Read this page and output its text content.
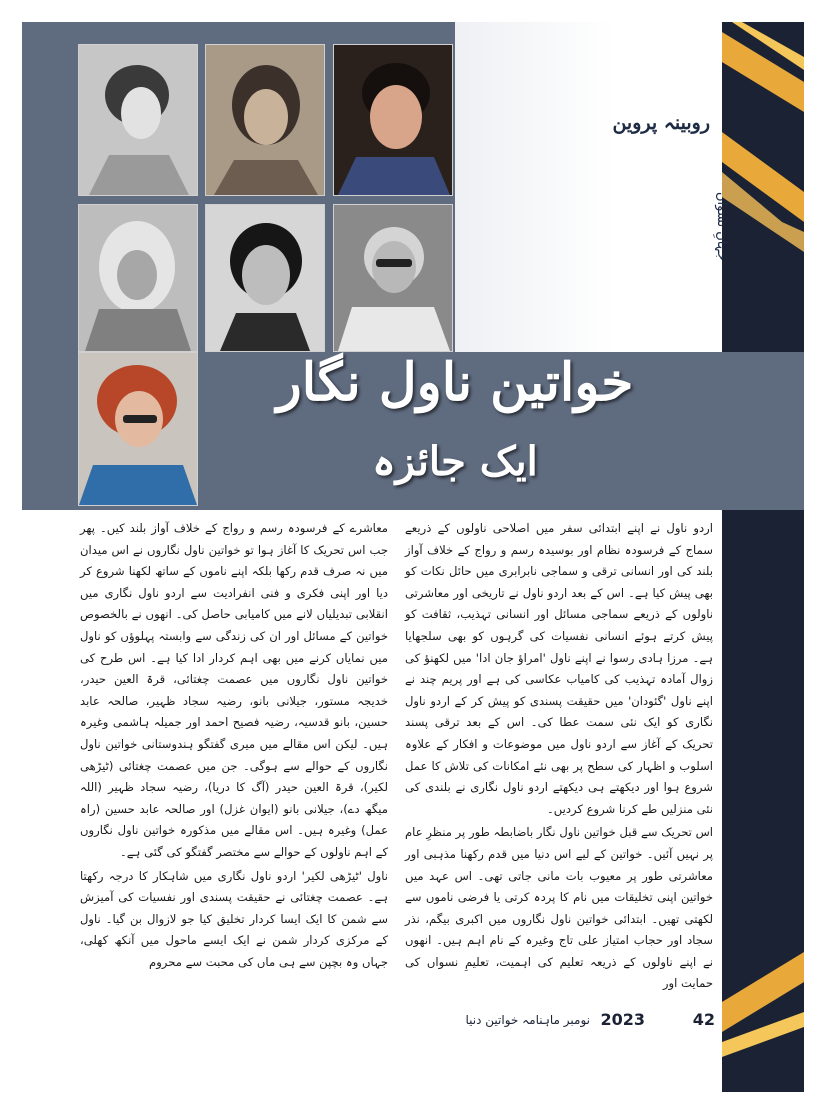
روبینہ پروین
جہانِ نسواں
خواتین ناول نگار
ایک جائزہ

اردو ناول نے اپنے ابتدائی سفر میں اصلاحی ناولوں کے ذریعے سماج کے فرسودہ نظام اور بوسیدہ رسم و رواج کے خلاف آواز بلند کی اور انسانی ترقی و سماجی نابرابری میں حائل نکات کو بھی پیش کیا ہے۔ اس کے بعد اردو ناول نے تاریخی اور معاشرتی ناولوں کے ذریعے سماجی مسائل اور انسانی تہذیب، ثقافت کو پیش کرتے ہوئے انسانی نفسیات کی گرہوں کو بھی سلجھایا ہے۔ مرزا ہادی رسوا نے اپنے ناول 'امراؤ جان ادا' میں لکھنؤ کی زوال آمادہ تہذیب کی کامیاب عکاسی کی ہے اور پریم چند نے اپنے ناول 'گئودان' میں حقیقت پسندی کو پیش کر کے اردو ناول نگاری کو ایک نئی سمت عطا کی۔ اس کے بعد ترقی پسند تحریک کے آغاز سے اردو ناول میں موضوعات و افکار کے علاوہ اسلوب و اظہار کی سطح پر بھی نئے امکانات کی تلاش کا عمل شروع ہوا اور دیکھتے ہی دیکھتے اردو ناول نگاری نے بلندی کی نئی منزلیں طے کرنا شروع کردیں۔

اس تحریک سے قبل خواتین ناول نگار باضابطہ طور پر منظرِ عام پر نہیں آئیں۔ خواتین کے لیے اس دنیا میں قدم رکھنا مذہبی اور معاشرتی طور پر معیوب بات مانی جاتی تھی۔ اس عہد میں خواتین اپنی تخلیقات میں نام کا پردہ کرتی یا فرضی ناموں سے لکھتی تھیں۔ ابتدائی خواتین ناول نگاروں میں اکبری بیگم، نذر سجاد اور حجاب امتیاز علی تاج وغیرہ کے نام اہم ہیں۔ انھوں نے اپنے ناولوں کے ذریعہ تعلیم کی اہمیت، تعلیمِ نسواں کی حمایت اور

معاشرے کے فرسودہ رسم و رواج کے خلاف آواز بلند کیں۔ پھر جب اس تحریک کا آغاز ہوا تو خواتین ناول نگاروں نے اس میدان میں نہ صرف قدم رکھا بلکہ اپنے ناموں کے ساتھ لکھنا شروع کر دیا اور اپنی فکری و فنی انفرادیت سے اردو ناول نگاری میں انقلابی تبدیلیاں لانے میں کامیابی حاصل کی۔ انھوں نے بالخصوص خواتین کے مسائل اور ان کی زندگی سے وابستہ پہلوؤں کو ناول میں نمایاں کرنے میں بھی اہم کردار ادا کیا ہے۔ اس طرح کی خواتین ناول نگاروں میں عصمت چغتائی، قرۃ العین حیدر، خدیجہ مستور، جیلانی بانو، رضیہ سجاد ظہیر، صالحہ عابد حسین، بانو قدسیہ، رضیہ فصیح احمد اور جمیلہ ہاشمی وغیرہ ہیں۔ لیکن اس مقالے میں میری گفتگو ہندوستانی خواتین ناول نگاروں کے حوالے سے ہوگی۔ جن میں عصمت چغتائی (ٹیڑھی لکیر)، قرۃ العین حیدر (آگ کا دریا)، رضیہ سجاد ظہیر (اللہ میگھ دے)، جیلانی بانو (ایوان غزل) اور صالحہ عابد حسین (راہ عمل) وغیرہ ہیں۔ اس مقالے میں مذکورہ خواتین ناول نگاروں کے اہم ناولوں کے حوالے سے مختصر گفتگو کی گئی ہے۔

ناول 'ٹیڑھی لکیر' اردو ناول نگاری میں شاہکار کا درجہ رکھتا ہے۔ عصمت چغتائی نے حقیقت پسندی اور نفسیات کی آمیزش سے شمن کا ایک ایسا کردار تخلیق کیا جو لازوال بن گیا۔ ناول کے مرکزی کردار شمن نے ایک ایسے ماحول میں آنکھ کھلی، جہاں وہ بچپن سے ہی ماں کی محبت سے محروم

42
2023
نومبر ماہنامہ خواتین دنیا
